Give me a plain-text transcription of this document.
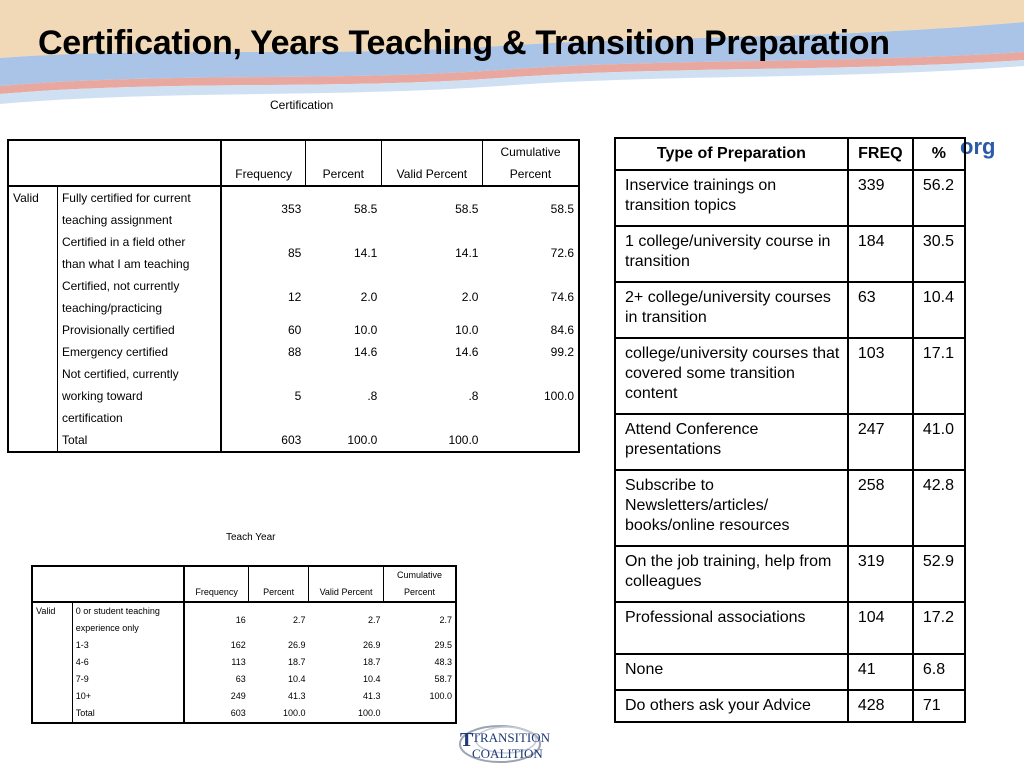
Certification, Years Teaching & Transition Preparation
org
Certification
		Frequency	Percent	Valid Percent	Cumulative
Percent
Valid	Fully certified for current
teaching assignment	353	58.5	58.5	58.5
	Certified in a field other
than what I am teaching	85	14.1	14.1	72.6
	Certified, not currently
teaching/practicing	12	2.0	2.0	74.6
	Provisionally certified	60	10.0	10.0	84.6
	Emergency certified	88	14.6	14.6	99.2
	Not certified, currently
working toward
certification	5	.8	.8	100.0
	Total	603	100.0	100.0	
Teach Year
		Frequency	Percent	Valid Percent	Cumulative
Percent
Valid	0 or student teaching
experience only	16	2.7	2.7	2.7
	1-3	162	26.9	26.9	29.5
	4-6	113	18.7	18.7	48.3
	7-9	63	10.4	10.4	58.7
	10+	249	41.3	41.3	100.0
	Total	603	100.0	100.0	
Type of Preparation	FREQ	%
Inservice trainings on transition topics	339	56.2
1 college/university course in transition	184	30.5
2+ college/university courses in transition	63	10.4
college/university courses that covered some transition content	103	17.1
Attend Conference presentations	247	41.0
Subscribe to Newsletters/articles/ books/online resources	258	42.8
On the job training, help from colleagues	319	52.9
Professional associations	104	17.2
None	41	6.8
Do others ask your Advice	428	71
T
TRANSITION
COALITION
